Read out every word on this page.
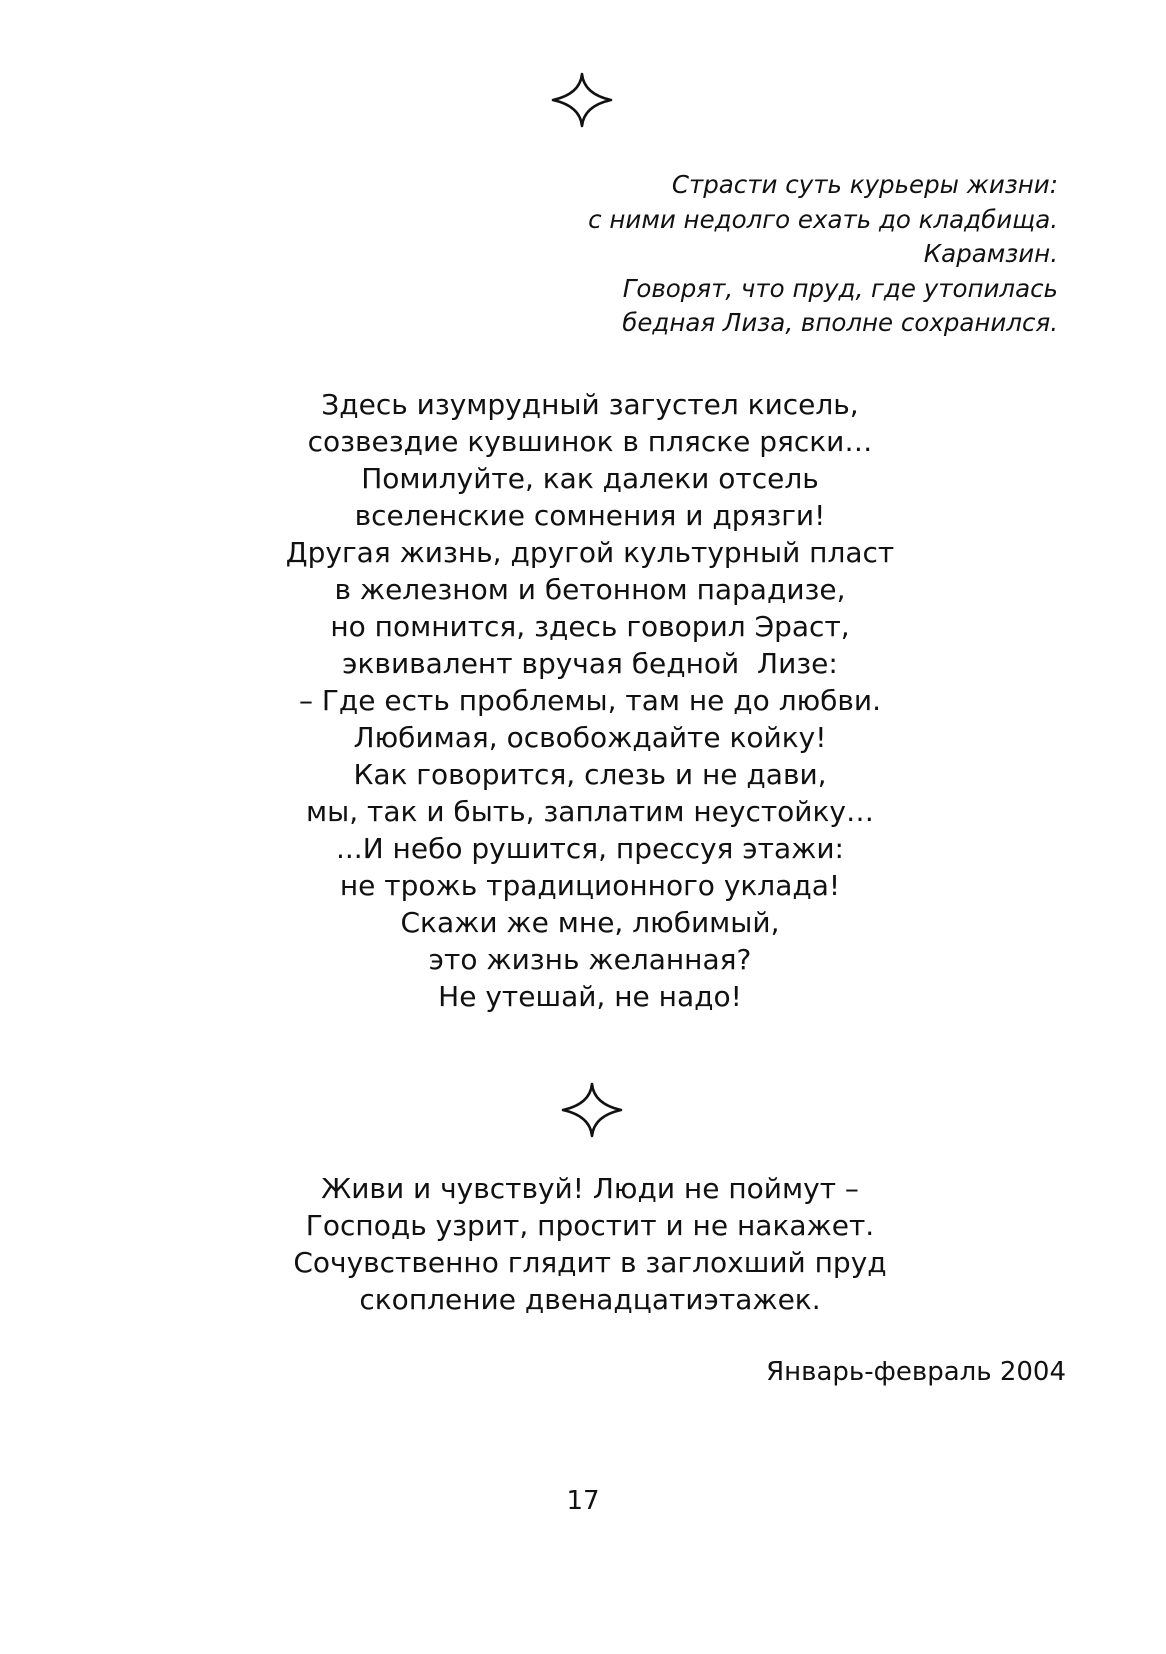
Страсти суть курьеры жизни:
с ними недолго ехать до кладбища.
Карамзин.
Говорят, что пруд, где утопилась
бедная Лиза, вполне сохранился.
Здесь изумрудный загустел кисель,
созвездие кувшинок в пляске ряски…
Помилуйте, как далеки отсель
вселенские сомнения и дрязги!
Другая жизнь, другой культурный пласт
в железном и бетонном парадизе,
но помнится, здесь говорил Эраст,
эквивалент вручая бедной  Лизе:
– Где есть проблемы, там не до любви.
Любимая, освобождайте койку!
Как говорится, слезь и не дави,
мы, так и быть, заплатим неустойку…
...И небо рушится, прессуя этажи:
не трожь традиционного уклада!
Скажи же мне, любимый,
это жизнь желанная?
Не утешай, не надо!
Живи и чувствуй! Люди не поймут –
Господь узрит, простит и не накажет.
Сочувственно глядит в заглохший пруд
скопление двенадцатиэтажек.
Январь-февраль 2004
17
